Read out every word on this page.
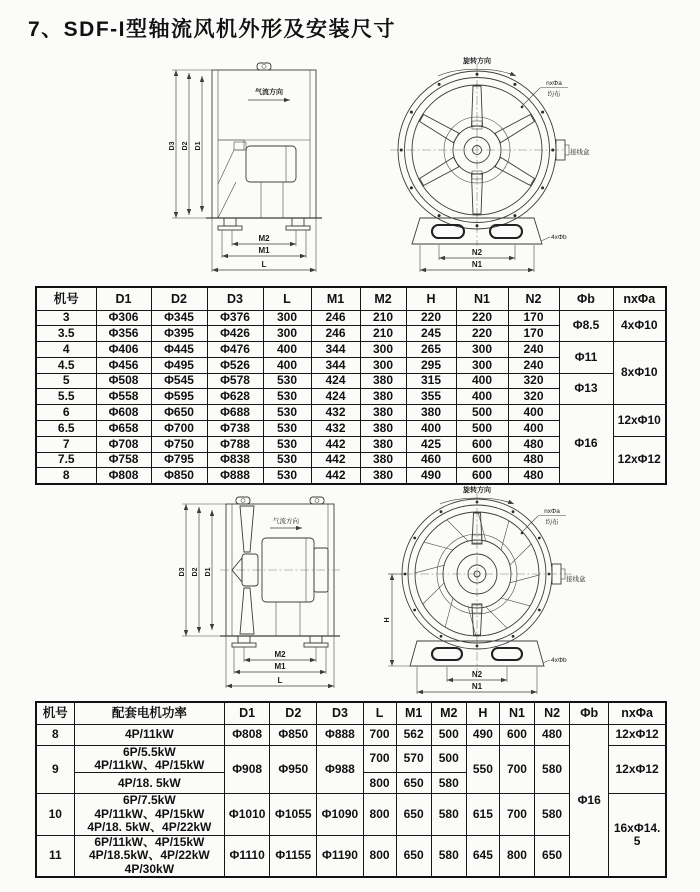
7、SDF-I型轴流风机外形及安装尺寸
气流方向
D3 D2 D1
M2
M1
L
旋转方向
nxΦa
均布
接线盒
4xΦb
N2
N1
机号	D1	D2	D3	L	M1	M2	H	N1	N2	Φb	nxΦa
3	Φ306	Φ345	Φ376	300	246	210	220	220	170	Φ8.5	4xΦ10
3.5	Φ356	Φ395	Φ426	300	246	210	245	220	170		
4	Φ406	Φ445	Φ476	400	344	300	265	300	240	Φ11	8xΦ10
4.5	Φ456	Φ495	Φ526	400	344	300	295	300	240		
5	Φ508	Φ545	Φ578	530	424	380	315	400	320	Φ13	
5.5	Φ558	Φ595	Φ628	530	424	380	355	400	320		
6	Φ608	Φ650	Φ688	530	432	380	380	500	400	Φ16	12xΦ10
6.5	Φ658	Φ700	Φ738	530	432	380	400	500	400		
7	Φ708	Φ750	Φ788	530	442	380	425	600	480		12xΦ12
7.5	Φ758	Φ795	Φ838	530	442	380	460	600	480		
8	Φ808	Φ850	Φ888	530	442	380	490	600	480		
气流方向
D3 D2 D1
M2
M1
L
旋转方向
nxΦa
均布
接线盒
4xΦb
H
N2
N1
机号	配套电机功率	D1	D2	D3	L	M1	M2	H	N1	N2	Φb	nxΦa
8	4P/11kW	Φ808	Φ850	Φ888	700	562	500	490	600	480	Φ16	12xΦ12
9	6P/5.5kW
4P/11kW、4P/15kW	Φ908	Φ950	Φ988	700	570	500	550	700	580		12xΦ12

	4P/18. 5kW				800	650	580					
10	6P/7.5kW
4P/11kW、4P/15kW
4P/18. 5kW、4P/22kW	Φ1010	Φ1055	Φ1090	800	650	580	615	700	580		16xΦ14. 5
11	6P/11kW、4P/15kW
4P/18.5kW、4P/22kW
4P/30kW	Φ1110	Φ1155	Φ1190	800	650	580	645	800	650		
